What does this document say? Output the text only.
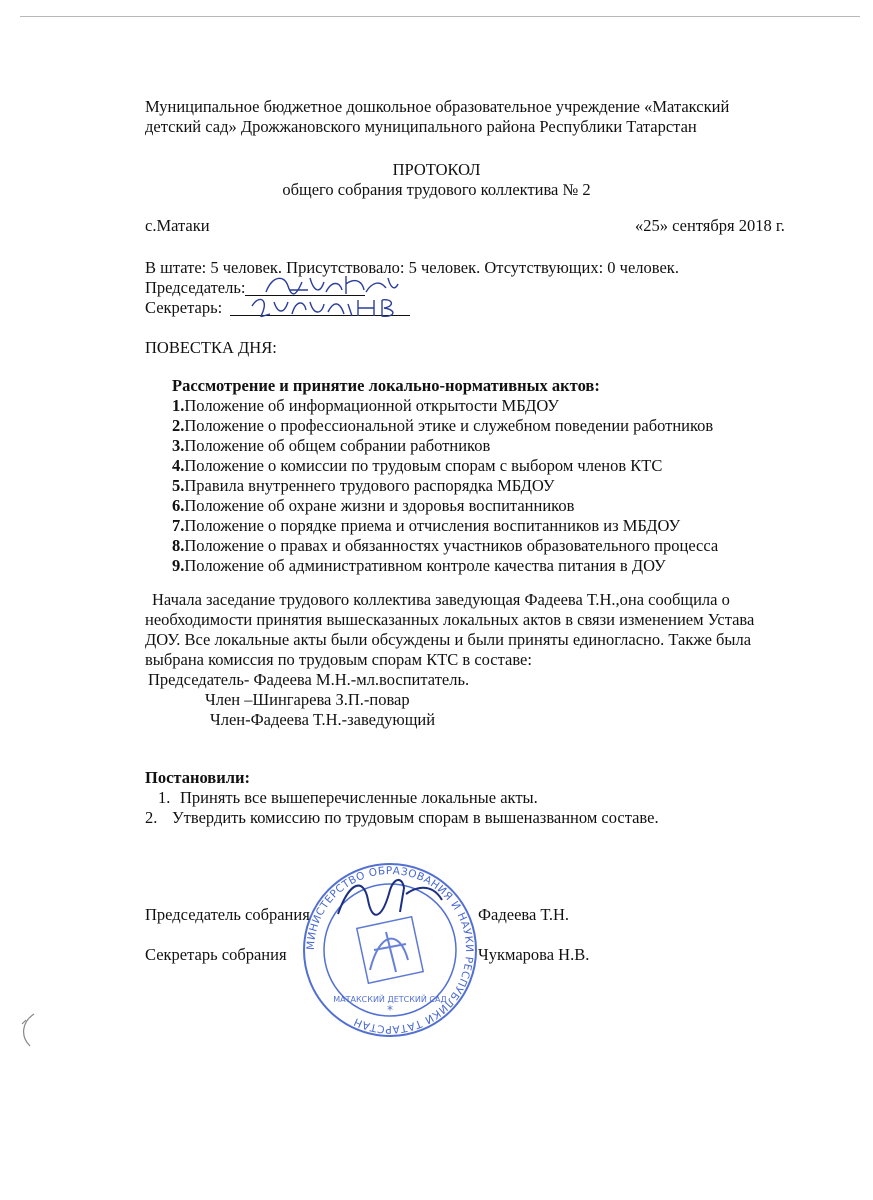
Муниципальное бюджетное дошкольное образовательное учреждение «Матакский
детский сад» Дрожжановского муниципального района Республики Татарстан
ПРОТОКОЛ
общего собрания трудового коллектива № 2
с.Матаки	«25» сентября 2018 г.
В штате: 5 человек. Присутствовало: 5 человек. Отсутствующих: 0 человек.
Председатель:
Секретарь:
ПОВЕСТКА ДНЯ:
Рассмотрение и принятие локально-нормативных актов:
1.Положение об информационной открытости МБДОУ
2.Положение о профессиональной этике и служебном поведении работников
3.Положение об общем собрании работников
4.Положение о комиссии по трудовым спорам с выбором членов КТС
5.Правила внутреннего трудового распорядка МБДОУ
6.Положение об охране жизни и здоровья воспитанников
7.Положение о порядке приема и отчисления воспитанников из МБДОУ
8.Положение о правах и обязанностях участников образовательного процесса
9.Положение об административном контроле качества питания в ДОУ
Начала заседание трудового коллектива заведующая Фадеева Т.Н.,она сообщила о
необходимости принятия вышесказанных локальных актов в связи изменением Устава
ДОУ. Все локальные акты были обсуждены и были приняты единогласно. Также была
выбрана комиссия по трудовым спорам КТС в составе:
Председатель- Фадеева М.Н.-мл.воспитатель.
Член –Шингарева З.П.-повар
Член-Фадеева Т.Н.-заведующий
Постановили:
1. Принять все вышеперечисленные локальные акты.
2. Утвердить комиссию по трудовым спорам в вышеназванном составе.
МИНИСТЕРСТВО ОБРАЗОВАНИЯ И НАУКИ РЕСПУБЛИКИ ТАТАРСТАН
МАТАКСКИЙ ДЕТСКИЙ САД
*
Председатель собрания	Фадеева Т.Н.
Секретарь собрания	Чукмарова Н.В.
